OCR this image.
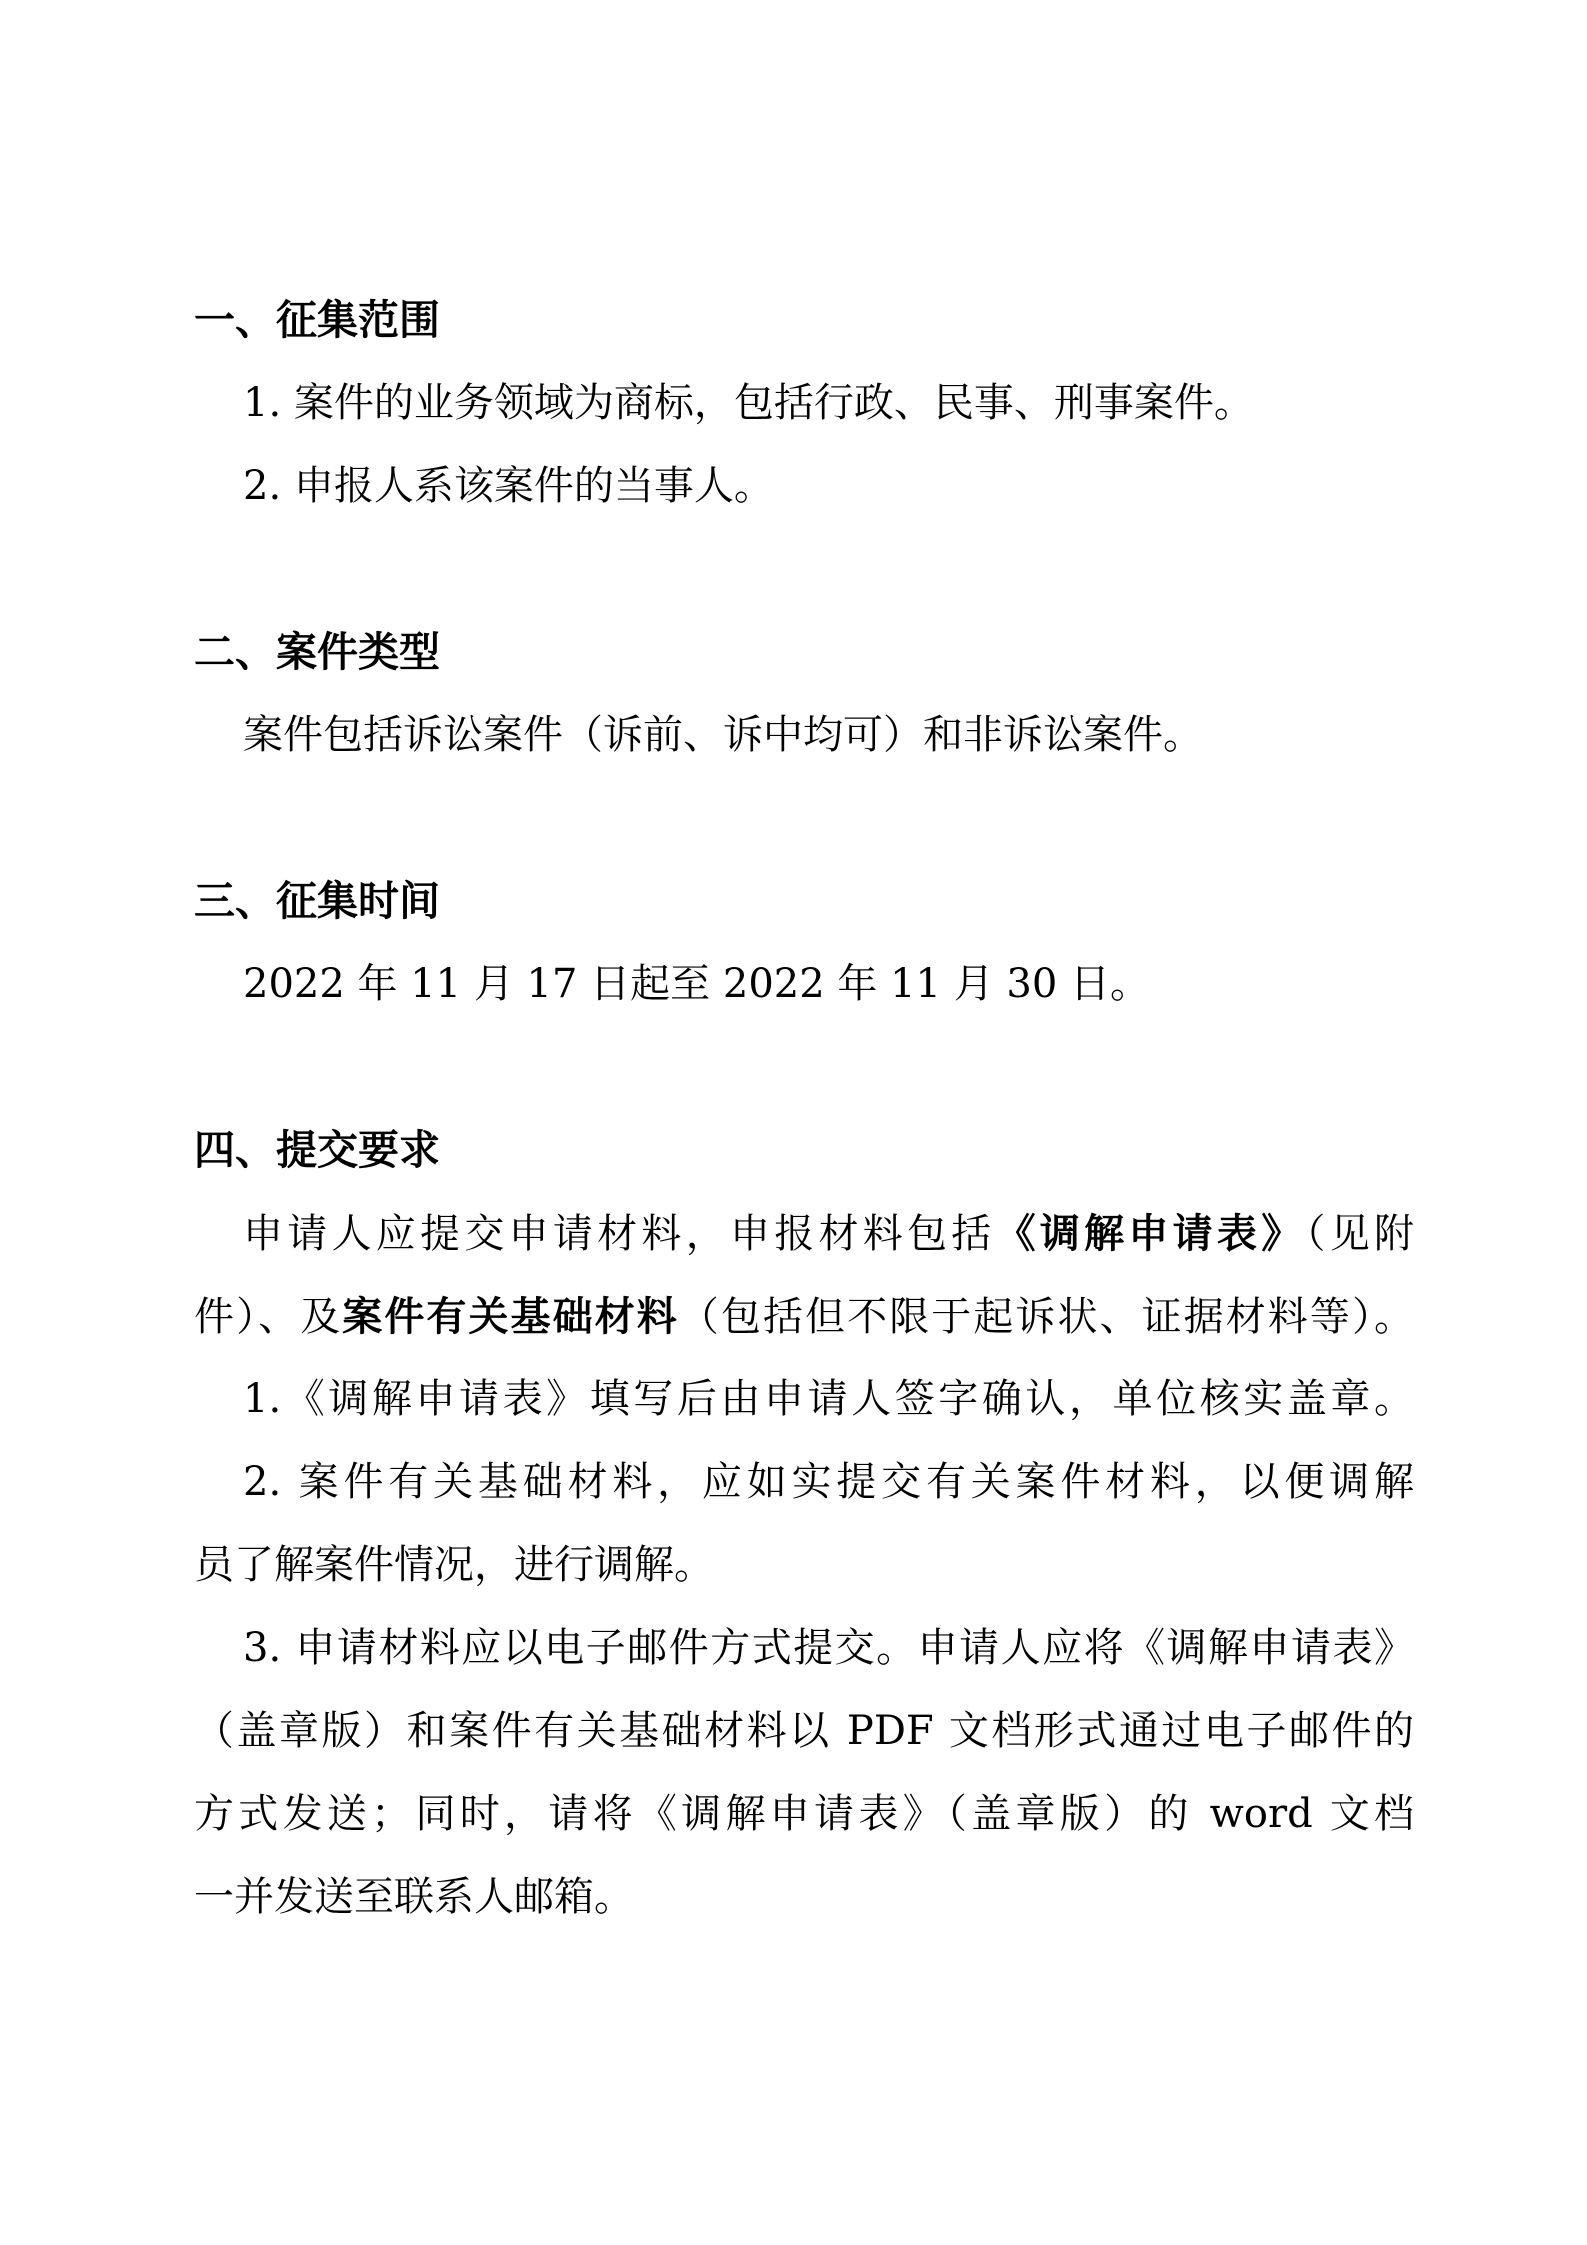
一、征集范围
1. 案件的业务领域为商标，包括行政、民事、刑事案件。
2. 申报人系该案件的当事人。
二、案件类型
案件包括诉讼案件（诉前、诉中均可）和非诉讼案件。
三、征集时间
2022 年 11 月 17 日起至 2022 年 11 月 30 日。
四、提交要求
申请人应提交申请材料，申报材料包括《调解申请表》（见附
件）、及案件有关基础材料（包括但不限于起诉状、证据材料等）。
1.《调解申请表》填写后由申请人签字确认，单位核实盖章。
2. 案件有关基础材料，应如实提交有关案件材料，以便调解
员了解案件情况，进行调解。
3. 申请材料应以电子邮件方式提交。申请人应将《调解申请表》
（盖章版）和案件有关基础材料以 PDF 文档形式通过电子邮件的
方式发送；同时，请将《调解申请表》（盖章版）的 word 文档
一并发送至联系人邮箱。
